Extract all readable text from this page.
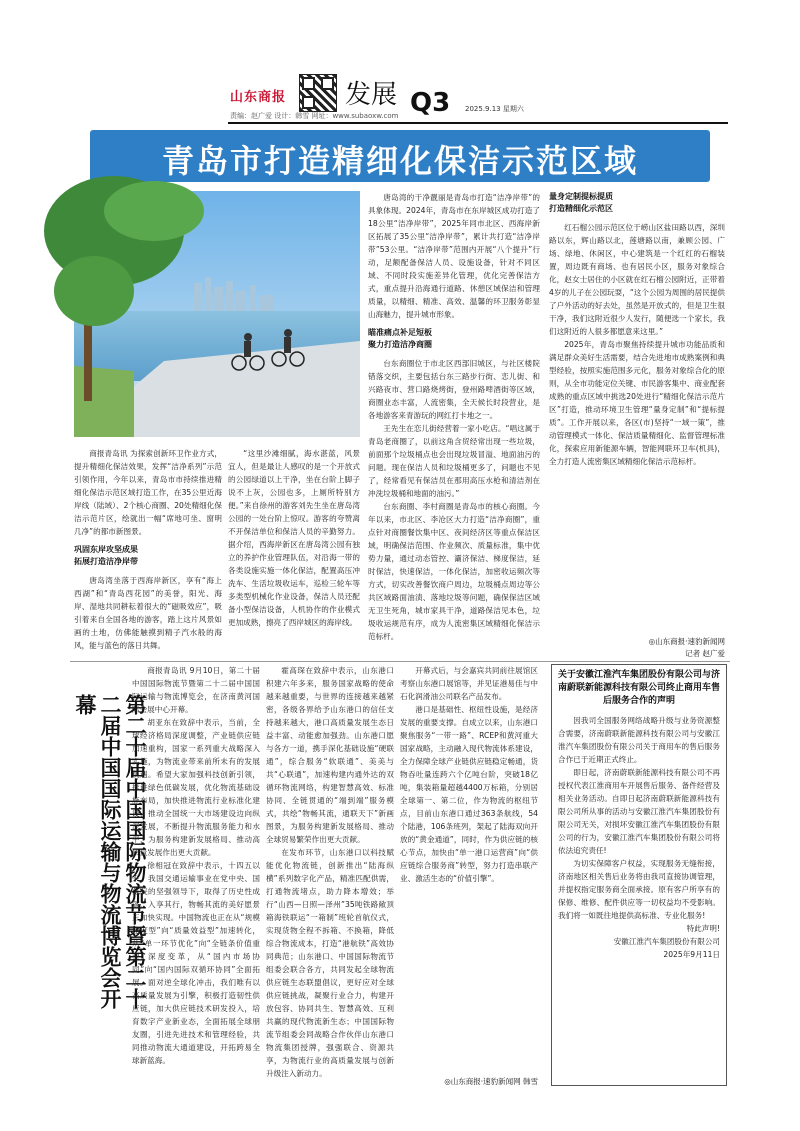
山东商报 发展 Q3 2025.9.13 星期六
责编：赵广爱 设计：韩雪 网址：www.subaoxw.com
青岛市打造精细化保洁示范区域

商报青岛讯 为探索创新环卫作业方式，提升精细化保洁效果，发挥“洁净系列”示范引领作用，今年以来，青岛市市持续推进精细化保洁示范区域打造工作，在35公里近海岸线（陆域）、2个核心商圈、20处精细化保洁示范片区，绘就出一幅“席地可坐、窗明几净”的都市新图景。

巩固东岸攻坚成果
拓展打造洁净岸带

唐岛湾坐落于西海岸新区，享有“海上西湖”和“青岛西花园”的美誉，阳光、海岸、湿地共同耕耘着很大的“磁吸效应”，吸引着来自全国各地的游客，踏上这片风景如画的土地，仿佛能触摸到精子汽水般的海风，能与蓝色的落日共舞。

“这里沙滩细腻，海水湛蓝，风景宜人，但是最让人感叹的是一个开放式的公园绿道以上干净，坐在台阶上脚子说不上灰，公园也多，上厕所特别方便。”来自徐州的游客刘先生坐在唐岛湾公园的一处台阶上惊叹。游客的夸赞离不开保洁单位和保洁人员的辛勤努力。据介绍，西海岸新区在唐岛湾公园有独立的养护作业管理队伍，对沿海一带的各类设施实施一体化保洁，配置高压冲洗车、生活垃圾收运车，巡检三轮车等多类型机械化作业设备，保洁人员还配备小型保洁设备，人机协作的作业模式更加成熟，擦亮了西岸城区的海岸线。

唐岛湾的干净靓丽是青岛市打造“洁净岸带”的具象体现。2024年，青岛市在东岸城区成功打造了18公里“洁净岸带”，2025年同市北区、西海岸新区拓展了35公里“洁净岸带”，累计共打造“洁净岸带”53公里。“洁净岸带”范围内开展“八个提升”行动，足额配备保洁人员、设施设备，针对不同区域、不同时段实施差异化管理，优化完善保洁方式，重点提升沿海通行道路、休憩区域保洁和管理质量，以精细、精准、高效、温馨的环卫服务彰显山海魅力，提升城市形象。

瞄准痛点补足短板
聚力打造洁净商圈

台东商圈位于市北区西部旧城区，与社区楼院错落交织，主要包括台东三路步行街、恋儿街、和兴路夜市、营口路烧烤街，登州路啤酒街等区域，商圈业态丰富，人流密集，全天候长时段营业，是各地游客来青游玩的网红打卡地之一。

王先生在恋儿街经营着一家小吃店。“唱这属于青岛老商圈了，以前这角含贸经常出现一些垃圾，前面那个垃圾桶点也会出现垃圾冒溢、地面油污的问题。现在保洁人员和垃圾桶更多了，问题也不见了，经常看见有保洁员在那用高压水枪和清洁剂在冲洗垃圾桶和地面的油污。”

台东商圈、李村商圈是青岛市的核心商圈。今年以来，市北区、李沧区大力打造“洁净商圈”，重点针对商圈餐饮集中区、夜间经济区等重点保洁区域，明确保洁范围、作业频次、质量标准，集中优势力量，通过动态管控、灞济保洁、梯度保洁，延时保洁，快速保洁，一体化保洁，加密收运频次等方式，切实改善餐饮商户周边，垃圾桶点周边等公共区域路面油渍、落地垃圾等问题，确保保洁区域无卫生死角，城市家具干净，道路保洁见本色，垃圾收运规范有序，成为人流密集区域精细化保洁示范标杆。

量身定制提标提质
打造精细化示范区

红石榴公园示范区位于崂山区盐田路以西，深圳路以东，辉山路以北，莲塘路以南，兼顾公园、广场、绿地、休闲区，中心建筑是一个红红的石榴装置，周边既有商场、也有居民小区，服务对象综合化，赵女士居住的小区就在红石榴公园附近，正带着4岁的儿子在公园玩耍，“这个公园为周围的居民提供了户外活动的好去处，虽然是开放式的，但是卫生很干净，我们这附近很少人发行，随便选一个家长，我们这附近的人很多都愿意来这里。”

2025年，青岛市聚焦持续提升城市功能品质和满足群众美好生活需要，结合先进地市成熟案例和典型经验，按照实施范围多元化，服务对象综合化的原则，从全市功能定位关键、市民游客集中、商业配套成熟的重点区域中挑选20处进行“精细化保洁示范片区”打造，推动环境卫生管理“量身定制”和“提标提质”。工作开展以来，各区(市)坚持“一域一策”，推动管理模式一体化、保洁质量精细化、监督管理标准化，探索应用新能源车辆，智能网联环卫车(机具)，全力打造人流密集区域精细化保洁示范标杆。

◎山东商报·速豹新闻网
记者 赵广爱
第二十届中国国际物流节暨第二十二届中国国际运输与物流博览会开幕

商报青岛讯 9月10日，第二十届中国国际物流节暨第二十二届中国国际运输与物流博览会，在济南黄河国际会展中心开幕。

胡亚东在致辞中表示，当前，全球经济格局深度调整，产业链供应链加速重构，国家一系列重大战略深入实施，为物流业带来前所未有的发展机遇。希望大家加强科技创新引领，推进绿色低碳发展，优化物流基础设施布局，加快推进物流行业标准化建设，推动全国统一大市场建设边向纵深发展，不断提升物流服务能力和水平，为服务构建新发展格局、推动高质量发展作出更大贡献。

徐相冠在致辞中表示，十四五以来，我国交通运输事业在党中央、国务院的坚强领导下，取得了历史性成就，入享其行，物畅其流的美好愿景正加快实现。中国物流也正在从“规模速度型”向“质量效益型”加速转化，从“单一环节优化”向“全链条价值重塑”深度变革，从“国内市场协同”向“国内国际双循环协同”全面拓展。面对逆全球化冲击，我们唯有以高质量发展为引擎，积极打造韧性供应链，加大供应链技术研发投入，培育数字产业新业态，全面拓展全球朋友圈，引进先进技术和管理经验，共同推动物流大通道建设，开拓跨易全球新蓝海。

霍高琛在致辞中表示，山东港口积建六年多来，服务国家战略的使命越来越重要，与世界的连接越来越紧密，各级各界给予山东港口的信任支持越来越大，港口高质量发展生态日益丰富、动能愈加强劲。山东港口愿与各方一道，携手深化基础设施“硬联通”，综合服务“软联通”、美美与共“心联通”，加速构建内通外达的双循环物流网络，构建智慧高效、标准协同、全链贯通的“端到端”服务模式，共绘“物畅其流，通联天下”新画图景，为服务构建新发展格局、推动全球贸易繁荣作出更大贡献。

在发布环节，山东港口以科技赋能优化物流链，创新推出“陆海纵横”系列数字化产品，精准匹配供需，打通物流堵点，助力降本增效；举行“山西—日照—泽州”35吨铁路敞顶箱海铁联运“一箱制”班轮首航仪式，实现货物全程不拆箱、不换箱，降低综合物流成本，打造“港航铁”高效协同典范；山东港口、中国国际物流节组委会联合各方，共同发起全球物流供应链生态联盟倡议，更好应对全球供应链挑战，凝聚行业合力，构建开放包容、协同共生、智慧高效、互利共赢的现代物流新生态；中国国际物流节组委会同战略合作伙伴山东港口物流集团授牌，强强联合、资源共享，为物流行业的高质量发展与创新升级注入新动力。

开幕式后，与会嘉宾共同前往展馆区考察山东港口展馆等，并见证港易佳与中石化润滑油公司联名产品发布。

港口是基础性、枢纽性设施，是经济发展的重要支撑。自成立以来，山东港口聚焦服务“一带一路”、RCEP和黄河重大国家战略，主动融入现代物流体系建设，全力保障全球产业链供应链稳定畅通，货物吞吐量连跨六个亿吨台阶，突破18亿吨，集装箱量超越4400万标箱，分别居全球第一、第二位，作为物流的枢纽节点，目前山东港口通过363条航线，54个陆港，106条班列，架起了陆海双向开放的“黄金通道”，同时，作为供应链的核心节点，加快由“单一港口运营商”向“供应链综合服务商”转型，努力打造串联产业、激活生态的“价值引擎”。

◎山东商报·速豹新闻网 韩雪
关于安徽江淮汽车集团股份有限公司与济南蔚联新能源科技有限公司终止商用车售后服务合作的声明

因我司全国服务网络战略升级与业务资源整合需要，济南蔚联新能源科技有限公司与安徽江淮汽车集团股份有限公司关于商用车的售后服务合作已于近期正式终止。

即日起，济南蔚联新能源科技有限公司不再授权代表江淮商用车开展售后服务、备件经营及相关业务活动。自即日起济南蔚联新能源科技有限公司所从事的活动与安徽江淮汽车集团股份有限公司无关，对损坏安徽江淮汽车集团股份有限公司的行为，安徽江淮汽车集团股份有限公司将依法追究责任!

为切实保障客户权益，实现服务无缝衔接，济南地区相关售后业务将由我司直接协调管理，并提权指定服务商全面承接。原有客户所享有的保修、维修、配件供应等一切权益均不受影响。我们将一如既往地提供高标准、专业化服务!

特此声明!
安徽江淮汽车集团股份有限公司
2025年9月11日
